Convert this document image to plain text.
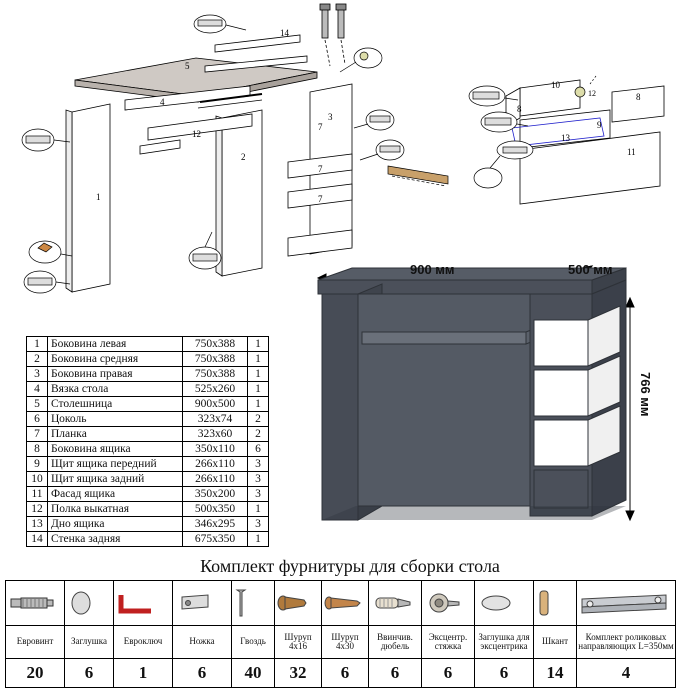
5
14
1
2
3
4
12
7
7
7
10
8
8
9
11
13
12
900 мм	500 мм
766 мм
1	Боковина левая	750x388	1
2	Боковина средняя	750x388	1
3	Боковина правая	750x388	1
4	Вязка стола	525x260	1
5	Столешница	900x500	1
6	Цоколь	323x74	2
7	Планка	323x60	2
8	Боковина ящика	350x110	6
9	Щит ящика передний	266x110	3
10	Щит ящика задний	266x110	3
11	Фасад ящика	350x200	3
12	Полка выкатная	500x350	1
13	Дно ящика	346x295	3
14	Стенка задняя	675x350	1
Комплект фурнитуры для сборки стола

Евровинт	Заглушка	Евроключ	Ножка	Гвоздь	Шуруп 4х16	Шуруп 4х30	Ввинчив. дюбель	Эксцентр. стяжка	Заглушка для эксцентрика	Шкант	Комплект роликовых направляющих L=350мм
20	6	1	6	40	32	6	6	6	6	14	4
